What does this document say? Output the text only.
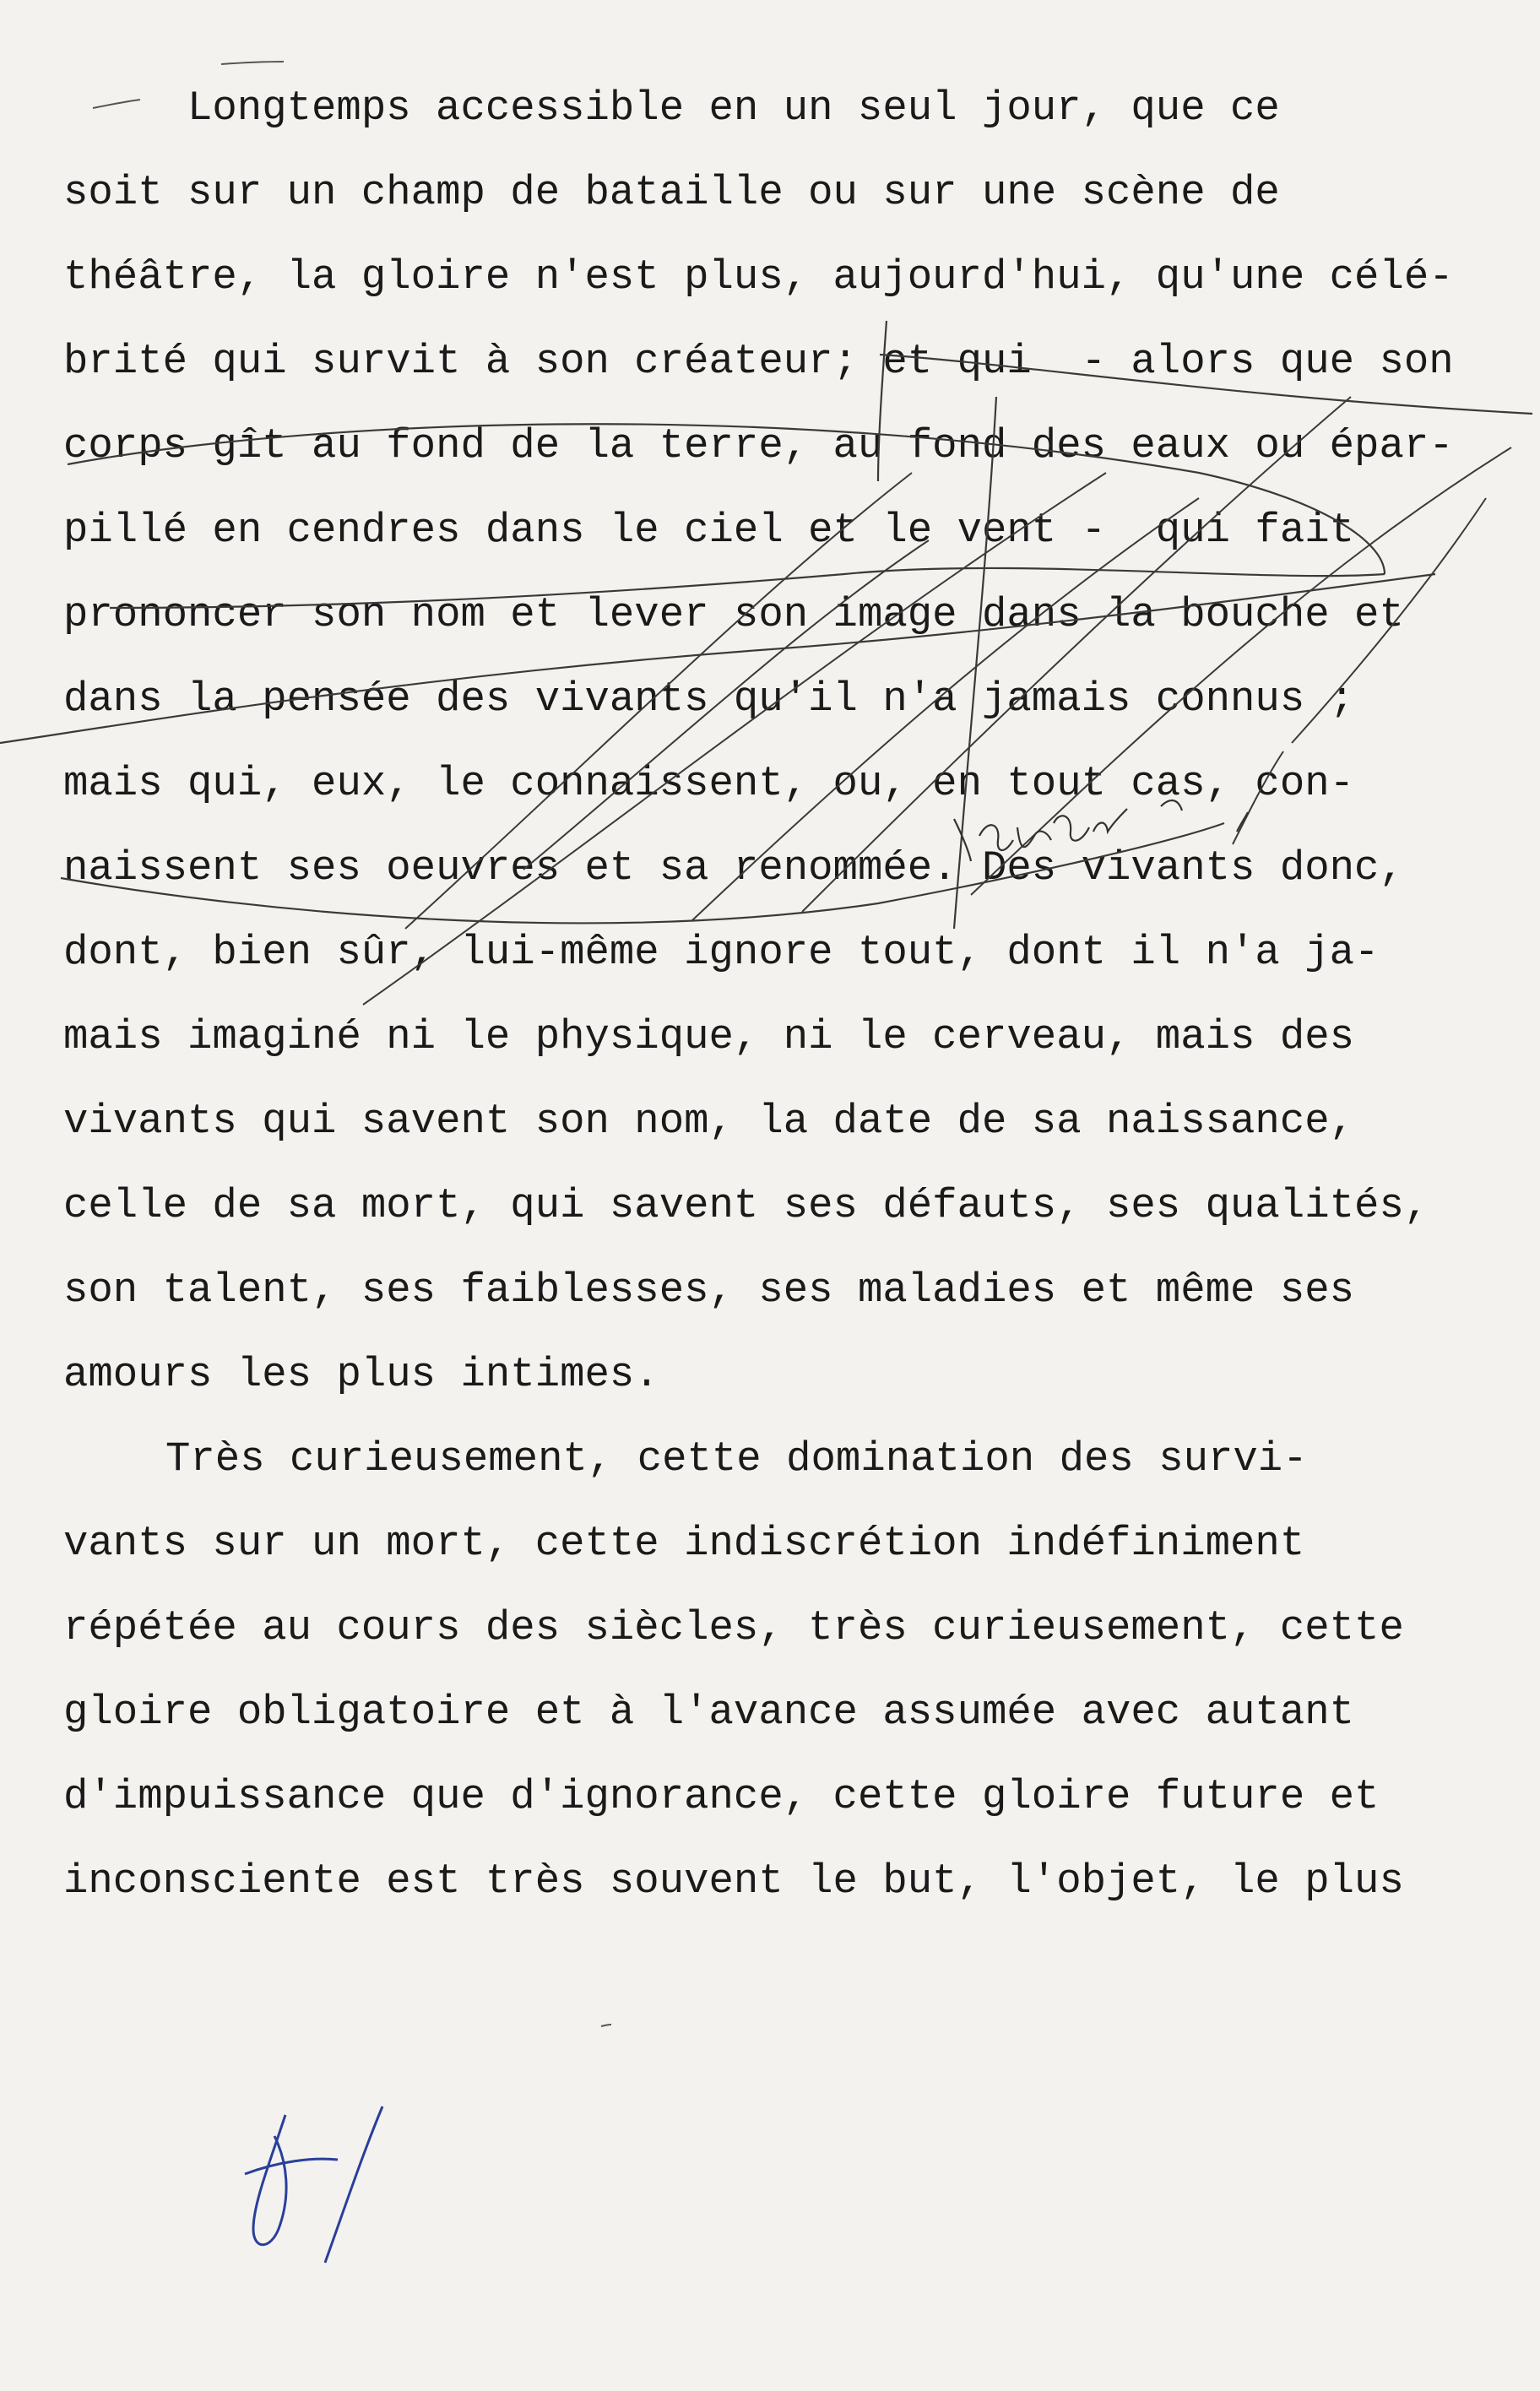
Longtemps accessible en un seul jour, que ce
soit sur un champ de bataille ou sur une scène de
théâtre, la gloire n'est plus, aujourd'hui, qu'une célé-
brité qui survit à son créateur; et qui  - alors que son
corps gît au fond de la terre, au fond des eaux ou épar-
pillé en cendres dans le ciel et le vent -  qui fait
prononcer son nom et lever son image dans la bouche et
dans la pensée des vivants qu'il n'a jamais connus ;
mais qui, eux, le connaissent, ou, en tout cas, con-
naissent ses oeuvres et sa renommée. Des vivants donc,
dont, bien sûr, lui-même ignore tout, dont il n'a ja-
mais imaginé ni le physique, ni le cerveau, mais des
vivants qui savent son nom, la date de sa naissance,
celle de sa mort, qui savent ses défauts, ses qualités,
son talent, ses faiblesses, ses maladies et même ses
amours les plus intimes.
Très curieusement, cette domination des survi-
vants sur un mort, cette indiscrétion indéfiniment
répétée au cours des siècles, très curieusement, cette
gloire obligatoire et à l'avance assumée avec autant
d'impuissance que d'ignorance, cette gloire future et
inconsciente est très souvent le but, l'objet, le plus
